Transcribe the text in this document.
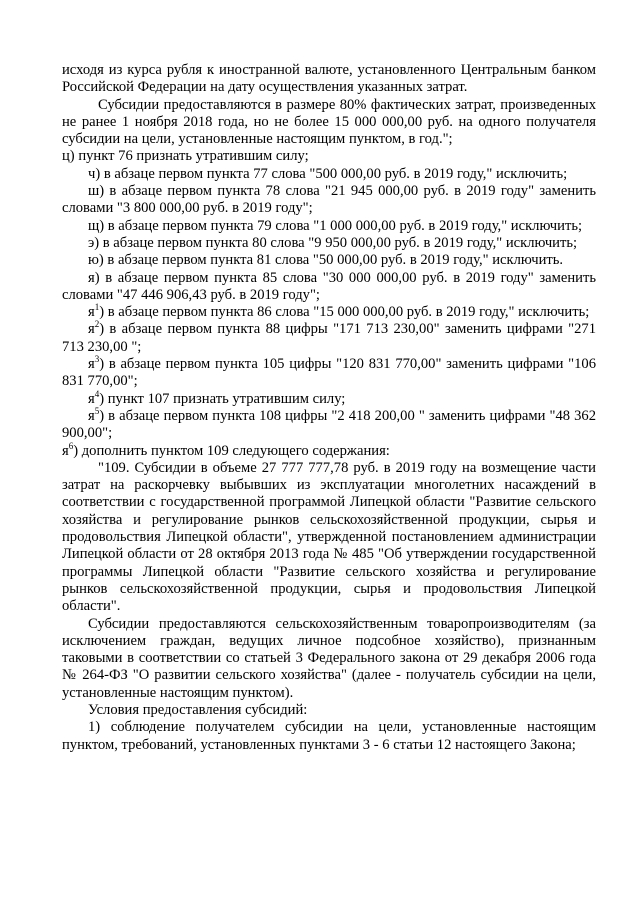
исходя из курса рубля к иностранной валюте, установленного Центральным банком Российской Федерации на дату осуществления указанных затрат.

Субсидии предоставляются в размере 80% фактических затрат, произведенных не ранее 1 ноября 2018 года, но не более 15 000 000,00 руб. на одного получателя субсидии на цели, установленные настоящим пунктом, в год.";

ц) пункт 76 признать утратившим силу;

ч) в абзаце первом пункта 77 слова "500 000,00 руб. в 2019 году," исключить;

ш) в абзаце первом пункта 78 слова "21 945 000,00 руб. в 2019 году" заменить словами "3 800 000,00 руб. в 2019 году";

щ) в абзаце первом пункта 79 слова "1 000 000,00 руб. в 2019 году," исключить;

э) в абзаце первом пункта 80 слова "9 950 000,00 руб. в 2019 году," исключить;

ю) в абзаце первом пункта 81 слова "50 000,00 руб. в 2019 году," исключить.

я) в абзаце первом пункта 85 слова "30 000 000,00 руб. в 2019 году" заменить словами "47 446 906,43 руб. в 2019 году";

$я^1$) в абзаце первом пункта 86 слова "15 000 000,00 руб. в 2019 году," исключить;

$я^2$) в абзаце первом пункта 88 цифры "171 713 230,00" заменить цифрами "271 713 230,00 ";

$я^3$) в абзаце первом пункта 105 цифры "120 831 770,00" заменить цифрами "106 831 770,00";

$я^4$) пункт 107 признать утратившим силу;

$я^5$) в абзаце первом пункта 108 цифры "2 418 200,00 " заменить цифрами "48 362 900,00";

$я^6$) дополнить пунктом 109 следующего содержания:

"109. Субсидии в объеме 27 777 777,78 руб. в 2019 году на возмещение части затрат на раскорчевку выбывших из эксплуатации многолетних насаждений в соответствии с государственной программой Липецкой области "Развитие сельского хозяйства и регулирование рынков сельскохозяйственной продукции, сырья и продовольствия Липецкой области", утвержденной постановлением администрации Липецкой области от 28 октября 2013 года № 485 "Об утверждении государственной программы Липецкой области "Развитие сельского хозяйства и регулирование рынков сельскохозяйственной продукции, сырья и продовольствия Липецкой области".

Субсидии предоставляются сельскохозяйственным товаропроизводителям (за исключением граждан, ведущих личное подсобное хозяйство), признанным таковыми в соответствии со статьей 3 Федерального закона от 29 декабря 2006 года № 264-ФЗ "О развитии сельского хозяйства" (далее - получатель субсидии на цели, установленные настоящим пунктом).

Условия предоставления субсидий:

1) соблюдение получателем субсидии на цели, установленные настоящим пунктом, требований, установленных пунктами 3 - 6 статьи 12 настоящего Закона;
